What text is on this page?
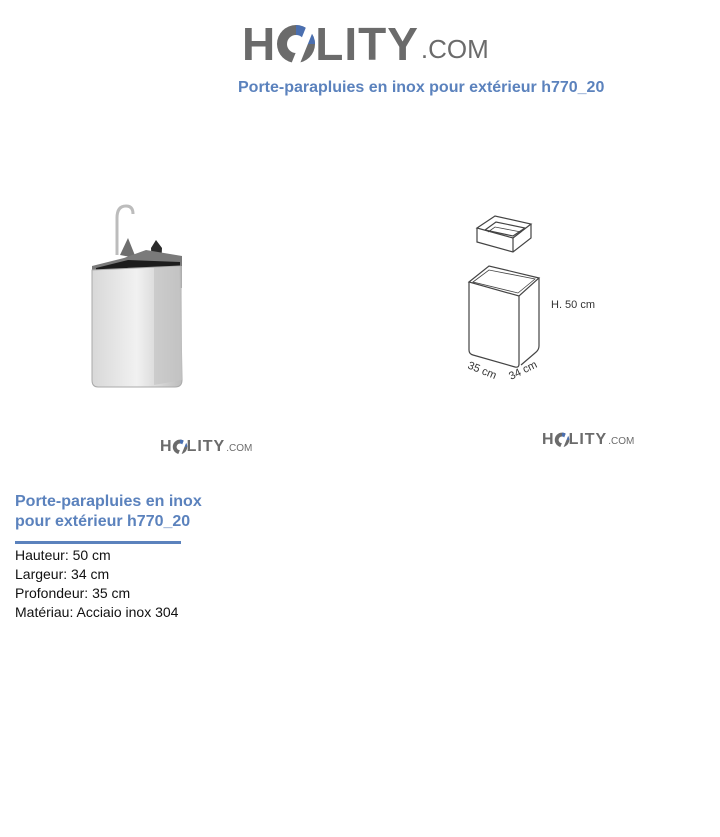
H LITY .COM
Porte-parapluies en inox pour extérieur h770_20
H LITY .COM
H. 50 cm
35 cm 34 cm
H LITY .COM
Porte-parapluies en inox pour extérieur h770_20
Hauteur: 50 cm
Largeur: 34 cm
Profondeur: 35 cm
Matériau: Acciaio inox 304
